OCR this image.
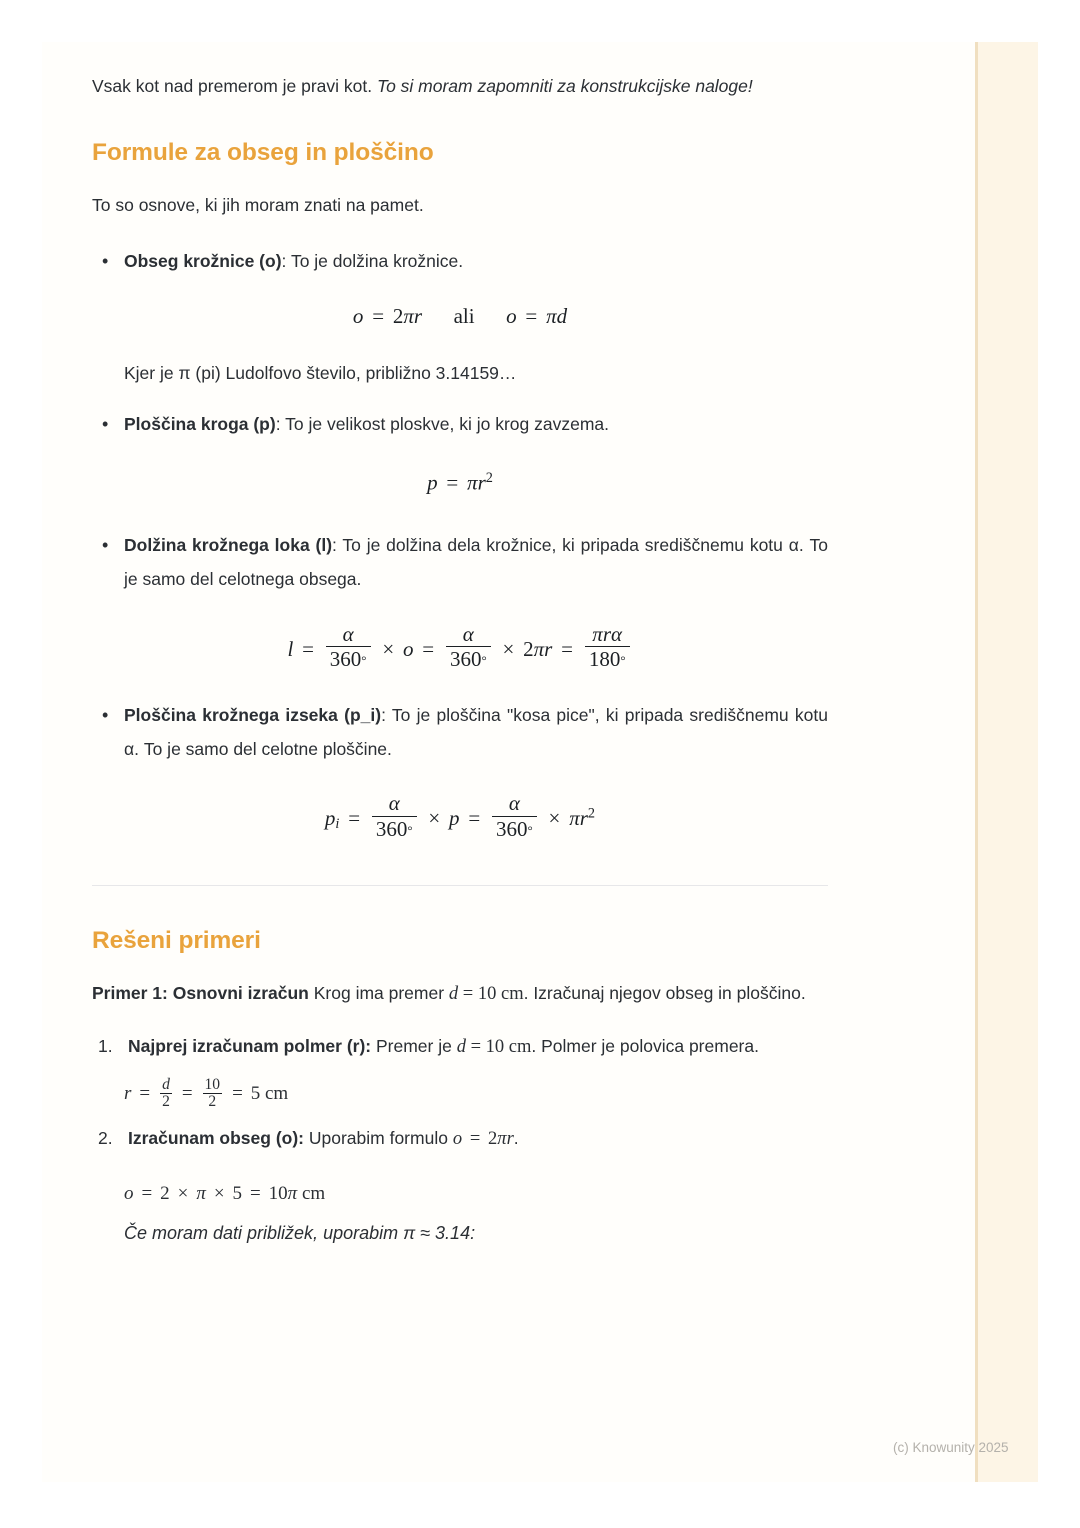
Vsak kot nad premerom je pravi kot. To si moram zapomniti za konstrukcijske naloge!

Formule za obseg in ploščino

To so osnove, ki jih moram znati na pamet.

• Obseg krožnice (o): To je dolžina krožnice.
o = 2πr ali o = πd

Kjer je π (pi) Ludolfovo število, približno 3.14159…

• Ploščina kroga (p): To je velikost ploskve, ki jo krog zavzema.
$p = \pi r^2$
• Dolžina krožnega loka (l): To je dolžina dela krožnice, ki pripada središčnemu kotu α. To je samo del celotnega obsega.
$l = \frac{\alpha}{360^\circ} \times o = \frac{\alpha}{360^\circ} \times 2\pi r = \frac{\text{πrα}}{180^\circ}$
• Ploščina krožnega izseka (p_i): To je ploščina "kosa pice", ki pripada središčnemu kotu α. To je samo del celotne ploščine.
$p_i = \frac{\alpha}{360^\circ} \times p = \frac{\alpha}{360^\circ} \times \pi r^2$
Rešeni primeri

Primer 1: Osnovni izračun Krog ima premer d = 10 cm. Izračunaj njegov obseg in ploščino.

Najprej izračunam polmer (r): Premer je d = 10 cm. Polmer je polovica premera.
$r = \frac{d}{2} = \frac{10}{2} = 5$ cm
Izračunam obseg (o): Uporabim formulo o = 2πr.
o = 2 × π × 5 = 10π cm
Če moram dati približek, uporabim π ≈ 3.14:
(c) Knowunity 2025
